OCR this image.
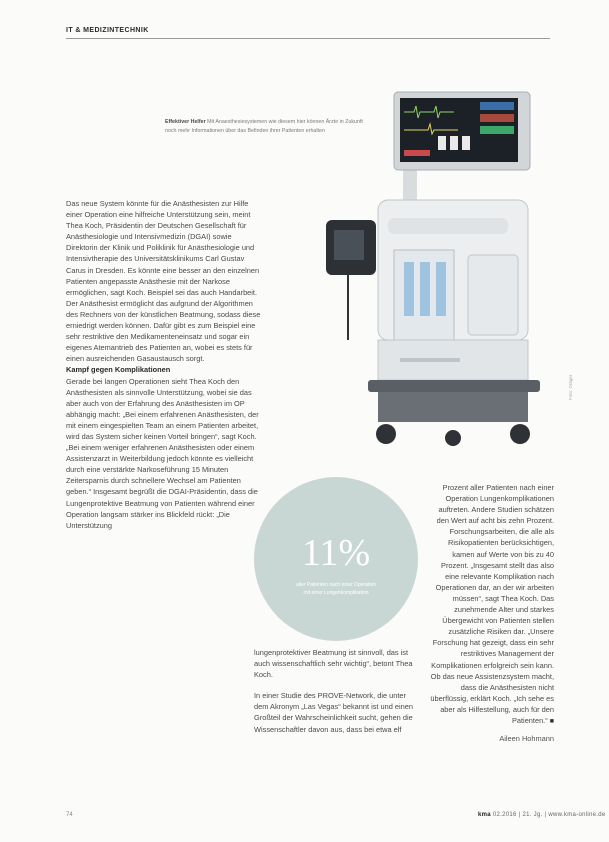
IT & MEDIZINTECHNIK
Effektiver Helfer Mit Anaesthesiesystemen wie diesem hier können Ärzte in Zukunft noch mehr Informationen über das Befinden ihrer Patienten erhalten
Foto: Dräger

Das neue System könnte für die Anästhesisten zur Hilfe einer Operation eine hilfreiche Unterstützung sein, meint Thea Koch, Präsidentin der Deutschen Gesellschaft für Anästhesiologie und Intensivmedizin (DGAI) sowie Direktorin der Klinik und Poliklinik für Anästhesiologie und Intensivtherapie des Universitätsklinikums Carl Gustav Carus in Dresden. Es könnte eine besser an den einzelnen Patienten angepasste Anästhesie mit der Narkose ermöglichen, sagt Koch. Beispiel sei das auch Handarbeit. Der Anästhesist ermöglicht das aufgrund der Algorithmen des Rechners von der künstlichen Beatmung, sodass diese erniedrigt werden können. Dafür gibt es zum Beispiel eine sehr restriktive den Medikamenteneinsatz und sogar ein eigenes Atemantrieb des Patienten an, wobei es stets für einen ausreichenden Gasaustausch sorgt.

Kampf gegen Komplikationen

Gerade bei langen Operationen sieht Thea Koch den Anästhesisten als sinnvolle Unterstützung, wobei sie das aber auch von der Erfahrung des Anästhesisten im OP abhängig macht: „Bei einem erfahrenen Anästhesisten, der mit einem eingespielten Team an einem Patienten arbeitet, wird das System sicher keinen Vorteil bringen“, sagt Koch. „Bei einem weniger erfahrenen Anästhesisten oder einem Assistenzarzt in Weiterbildung jedoch könnte es vielleicht durch eine verstärkte Narkoseführung 15 Minuten Zeitersparnis durch schnellere Wechsel am Patienten geben.“ Insgesamt begrüßt die DGAI-Präsidentin, dass die Lungenprotektive Beatmung von Patienten während einer Operation langsam stärker ins Blickfeld rückt: „Die Unterstützung

11%
aller Patienten nach einer Operation mit einer Lungenkomplikation

lungenprotektiver Beatmung ist sinnvoll, das ist auch wissenschaftlich sehr wichtig“, betont Thea Koch.

In einer Studie des PROVE-Network, die unter dem Akronym „Las Vegas“ bekannt ist und einen Großteil der Wahrscheinlichkeit sucht, gehen die Wissenschaftler davon aus, dass bei etwa elf

Prozent aller Patienten nach einer Operation Lungenkomplikationen auftreten. Andere Studien schätzen den Wert auf acht bis zehn Prozent. Forschungsarbeiten, die alle als Risikopatienten berücksichtigen, kamen auf Werte von bis zu 40 Prozent. „Insgesamt stellt das also eine relevante Komplikation nach Operationen dar, an der wir arbeiten müssen“, sagt Thea Koch. Das zunehmende Alter und starkes Übergewicht von Patienten stellen zusätzliche Risiken dar. „Unsere Forschung hat gezeigt, dass ein sehr restriktives Management der Komplikationen erfolgreich sein kann. Ob das neue Assistenzsystem macht, dass die Anästhesisten nicht überflüssig, erklärt Koch. „Ich sehe es aber als Hilfestellung, auch für den Patienten.“ ■

Aileen Hohmann

74	kma 02.2016 | 21. Jg. | www.kma-online.de
